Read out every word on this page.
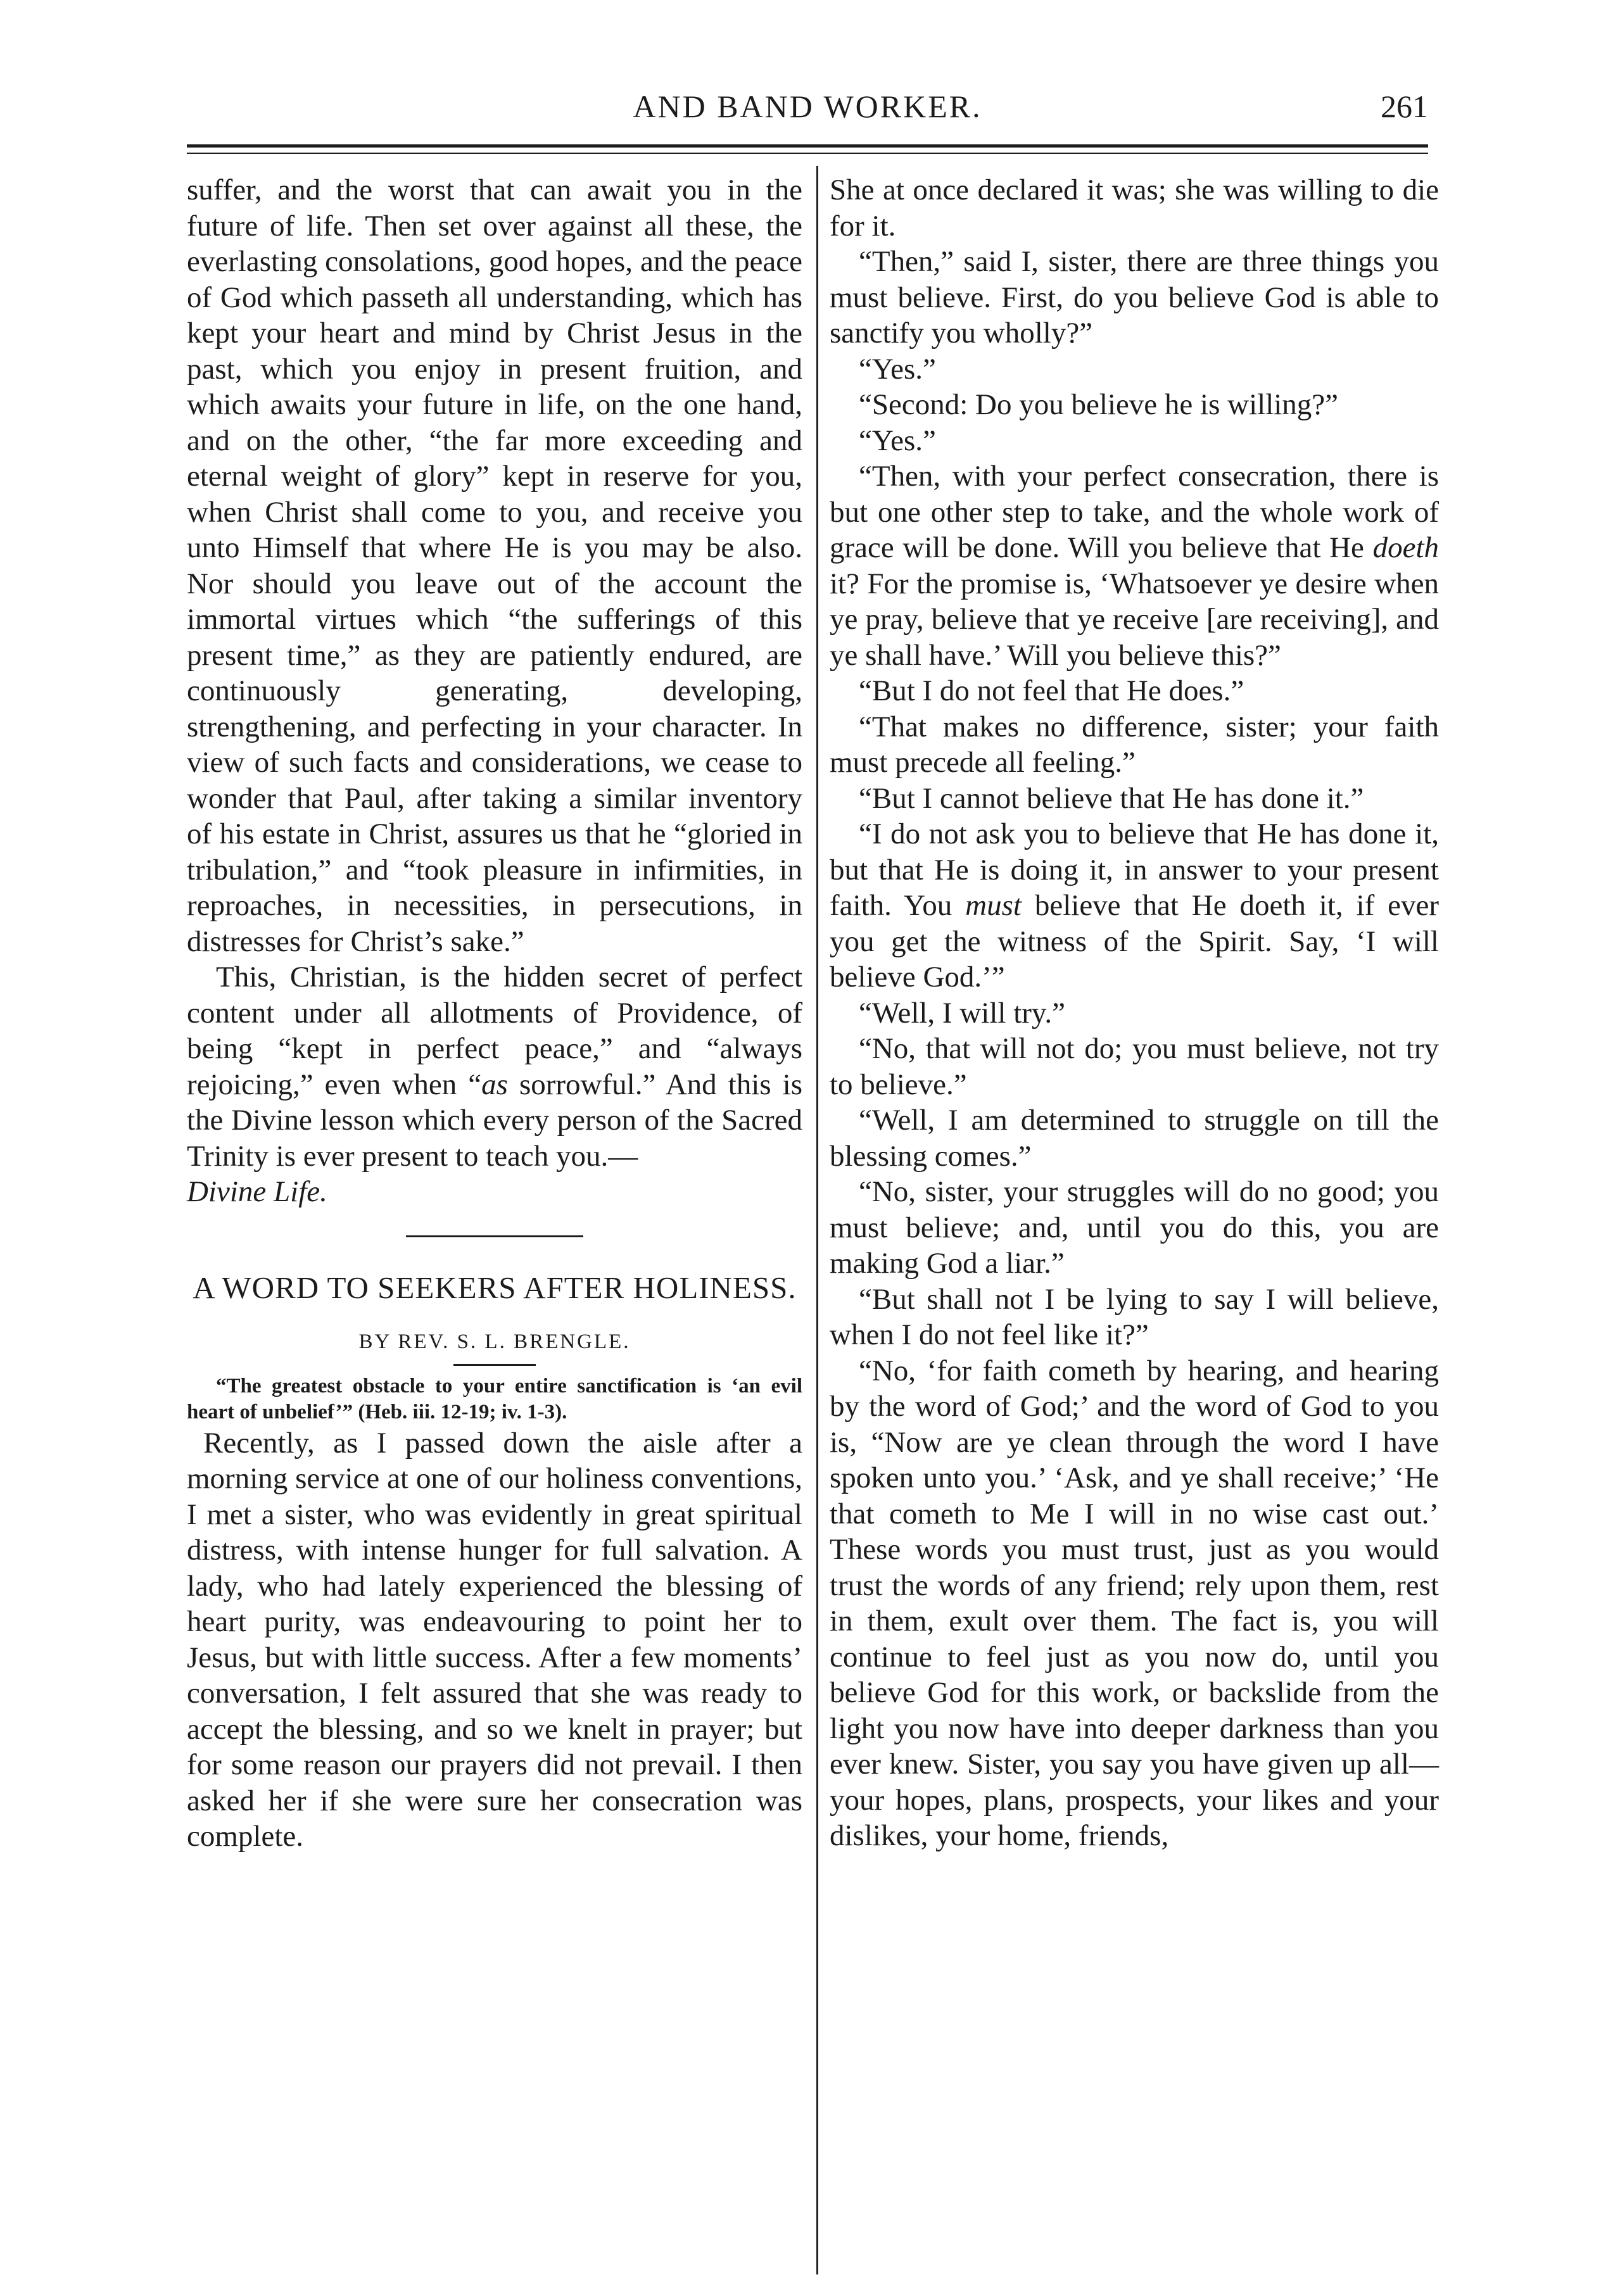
AND BAND WORKER.	261

suffer, and the worst that can await you in the future of life. Then set over against all these, the everlasting consolations, good hopes, and the peace of God which passeth all understanding, which has kept your heart and mind by Christ Jesus in the past, which you enjoy in present fruition, and which awaits your future in life, on the one hand, and on the other, “the far more exceeding and eternal weight of glory” kept in reserve for you, when Christ shall come to you, and receive you unto Himself that where He is you may be also. Nor should you leave out of the account the immortal virtues which “the sufferings of this present time,” as they are patiently endured, are continuously generating, developing, strengthening, and perfecting in your character. In view of such facts and considerations, we cease to wonder that Paul, after taking a similar inventory of his estate in Christ, assures us that he “gloried in tribulation,” and “took pleasure in infirmities, in reproaches, in necessities, in persecutions, in distresses for Christ’s sake.”

This, Christian, is the hidden secret of perfect content under all allotments of Providence, of being “kept in perfect peace,” and “always rejoicing,” even when “as sorrowful.” And this is the Divine lesson which every person of the Sacred Trinity is ever present to teach you.—

Divine Life.

A WORD TO SEEKERS AFTER HOLINESS.
BY REV. S. L. BRENGLE.

“The greatest obstacle to your entire sanctification is ‘an evil heart of unbelief’” (Heb. iii. 12-19; iv. 1-3).

Recently, as I passed down the aisle after a morning service at one of our holiness conventions, I met a sister, who was evidently in great spiritual distress, with intense hunger for full salvation. A lady, who had lately experienced the blessing of heart purity, was endeavouring to point her to Jesus, but with little success. After a few moments’ conversation, I felt assured that she was ready to accept the blessing, and so we knelt in prayer; but for some reason our prayers did not prevail. I then asked her if she were sure her consecration was complete.

She at once declared it was; she was willing to die for it.

“Then,” said I, sister, there are three things you must believe. First, do you believe God is able to sanctify you wholly?”

“Yes.”

“Second: Do you believe he is willing?”

“Yes.”

“Then, with your perfect consecration, there is but one other step to take, and the whole work of grace will be done. Will you believe that He doeth it? For the promise is, ‘Whatsoever ye desire when ye pray, believe that ye receive [are receiving], and ye shall have.’ Will you believe this?”

“But I do not feel that He does.”

“That makes no difference, sister; your faith must precede all feeling.”

“But I cannot believe that He has done it.”

“I do not ask you to believe that He has done it, but that He is doing it, in answer to your present faith. You must believe that He doeth it, if ever you get the witness of the Spirit. Say, ‘I will believe God.’”

“Well, I will try.”

“No, that will not do; you must believe, not try to believe.”

“Well, I am determined to struggle on till the blessing comes.”

“No, sister, your struggles will do no good; you must believe; and, until you do this, you are making God a liar.”

“But shall not I be lying to say I will believe, when I do not feel like it?”

“No, ‘for faith cometh by hearing, and hearing by the word of God;’ and the word of God to you is, “Now are ye clean through the word I have spoken unto you.’ ‘Ask, and ye shall receive;’ ‘He that cometh to Me I will in no wise cast out.’ These words you must trust, just as you would trust the words of any friend; rely upon them, rest in them, exult over them. The fact is, you will continue to feel just as you now do, until you believe God for this work, or backslide from the light you now have into deeper darkness than you ever knew. Sister, you say you have given up all—your hopes, plans, prospects, your likes and your dislikes, your home, friends,
